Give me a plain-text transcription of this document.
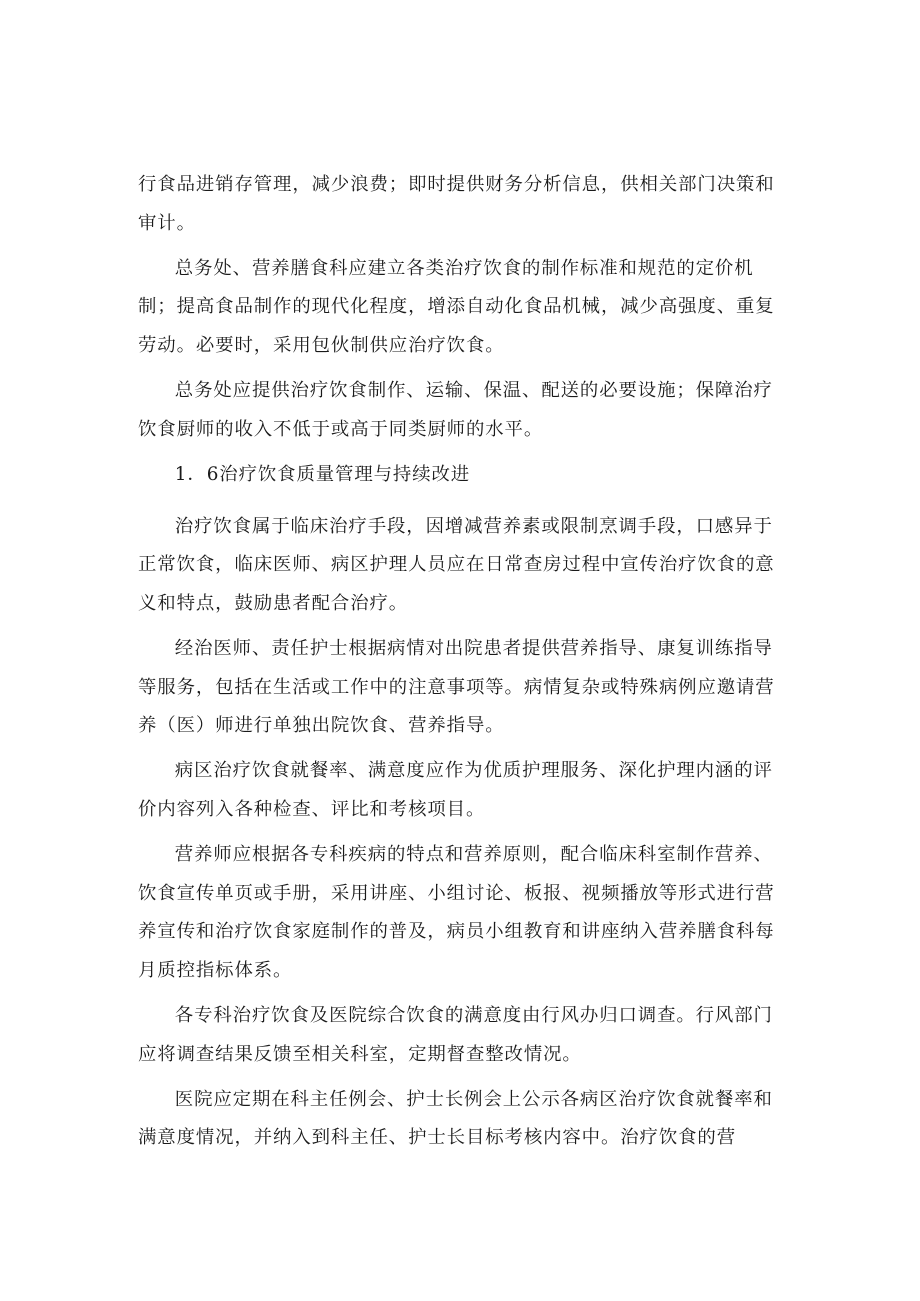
行食品进销存管理，减少浪费；即时提供财务分析信息，供相关部门决策和审计。

总务处、营养膳食科应建立各类治疗饮食的制作标准和规范的定价机制；提高食品制作的现代化程度，增添自动化食品机械，减少高强度、重复劳动。必要时，采用包伙制供应治疗饮食。

总务处应提供治疗饮食制作、运输、保温、配送的必要设施；保障治疗饮食厨师的收入不低于或高于同类厨师的水平。

1．6治疗饮食质量管理与持续改进

治疗饮食属于临床治疗手段，因增减营养素或限制烹调手段，口感异于正常饮食，临床医师、病区护理人员应在日常查房过程中宣传治疗饮食的意义和特点，鼓励患者配合治疗。

经治医师、责任护士根据病情对出院患者提供营养指导、康复训练指导等服务，包括在生活或工作中的注意事项等。病情复杂或特殊病例应邀请营养（医）师进行单独出院饮食、营养指导。

病区治疗饮食就餐率、满意度应作为优质护理服务、深化护理内涵的评价内容列入各种检查、评比和考核项目。

营养师应根据各专科疾病的特点和营养原则，配合临床科室制作营养、饮食宣传单页或手册，采用讲座、小组讨论、板报、视频播放等形式进行营养宣传和治疗饮食家庭制作的普及，病员小组教育和讲座纳入营养膳食科每月质控指标体系。

各专科治疗饮食及医院综合饮食的满意度由行风办归口调查。行风部门应将调查结果反馈至相关科室，定期督查整改情况。

医院应定期在科主任例会、护士长例会上公示各病区治疗饮食就餐率和满意度情况，并纳入到科主任、护士长目标考核内容中。治疗饮食的营
